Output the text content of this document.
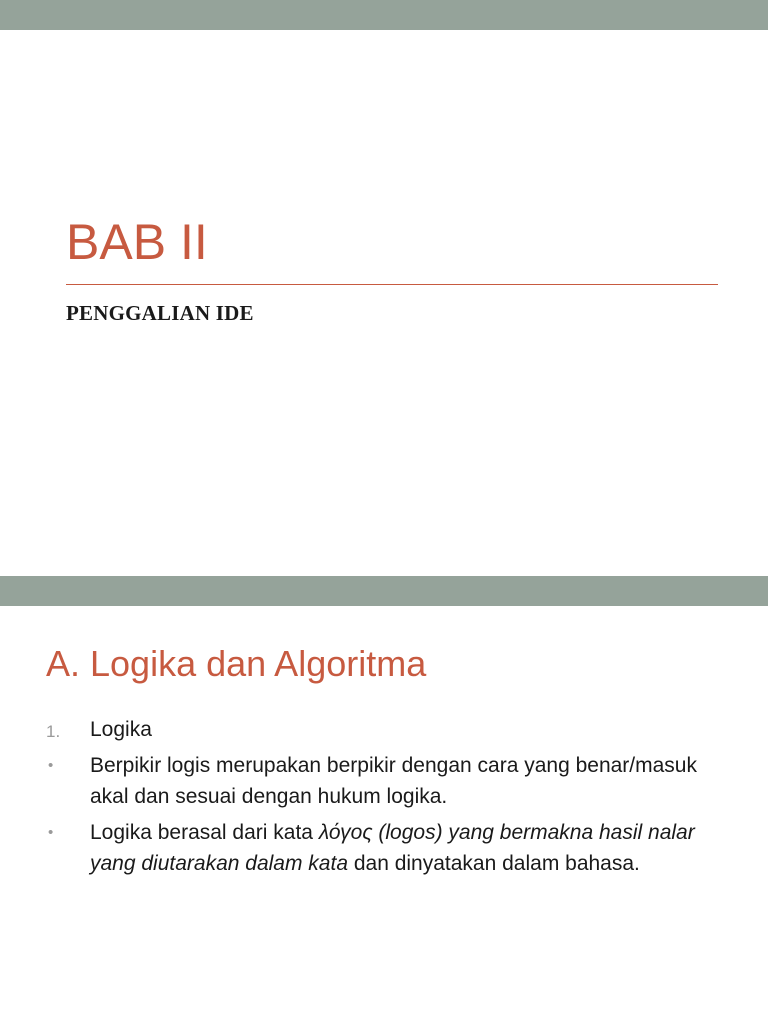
BAB II
PENGGALIAN IDE
A. Logika dan Algoritma
1. Logika
• Berpikir logis merupakan berpikir dengan cara yang benar/masuk akal dan sesuai dengan hukum logika.
• Logika berasal dari kata λόγος (logos) yang bermakna hasil nalar yang diutarakan dalam kata dan dinyatakan dalam bahasa.
